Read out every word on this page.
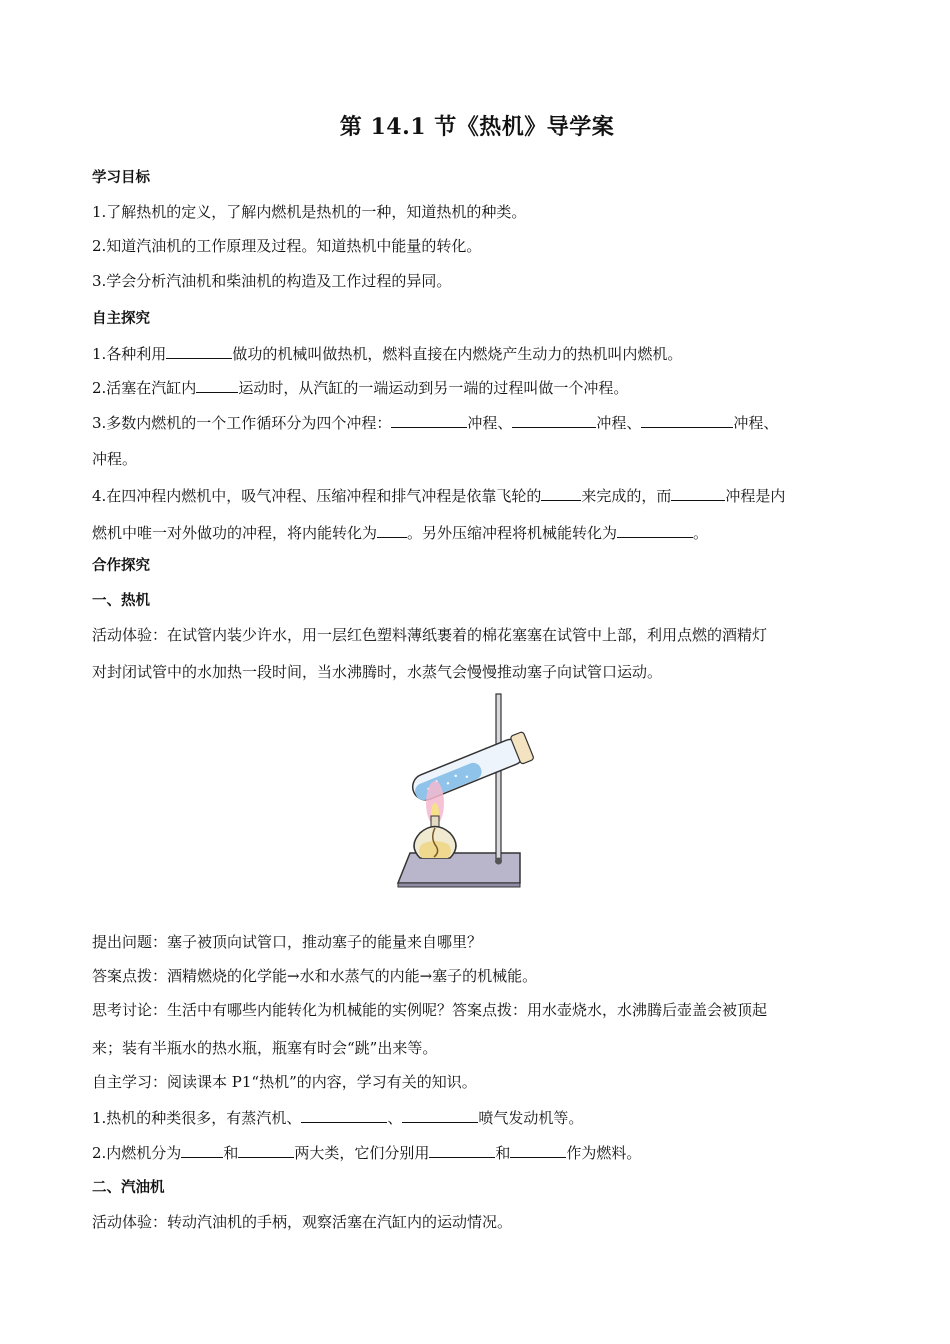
第 14.1 节《热机》导学案
学习目标
1.了解热机的定义，了解内燃机是热机的一种，知道热机的种类。
2.知道汽油机的工作原理及过程。知道热机中能量的转化。
3.学会分析汽油机和柴油机的构造及工作过程的异同。
自主探究
1.各种利用	做功的机械叫做热机，燃料直接在内燃烧产生动力的热机叫内燃机。
2.活塞在汽缸内	运动时，从汽缸的一端运动到另一端的过程叫做一个冲程。
3.多数内燃机的一个工作循环分为四个冲程：	冲程、	冲程、	冲程、
冲程。
4.在四冲程内燃机中，吸气冲程、压缩冲程和排气冲程是依靠飞轮的	来完成的，而	冲程是内
燃机中唯一对外做功的冲程，将内能转化为 。另外压缩冲程将机械能转化为	。
合作探究
一、热机
活动体验：在试管内装少许水，用一层红色塑料薄纸裹着的棉花塞塞在试管中上部，利用点燃的酒精灯
对封闭试管中的水加热一段时间，当水沸腾时，水蒸气会慢慢推动塞子向试管口运动。
提出问题：塞子被顶向试管口，推动塞子的能量来自哪里？
答案点拨：酒精燃烧的化学能→水和水蒸气的内能→塞子的机械能。
思考讨论：生活中有哪些内能转化为机械能的实例呢？答案点拨：用水壶烧水，水沸腾后壶盖会被顶起
来；装有半瓶水的热水瓶，瓶塞有时会“跳”出来等。
自主学习：阅读课本 P1“热机”的内容，学习有关的知识。
1.热机的种类很多，有蒸汽机、	、	喷气发动机等。
2.内燃机分为	和	两大类，它们分别用	和	作为燃料。
二、汽油机
活动体验：转动汽油机的手柄，观察活塞在汽缸内的运动情况。
